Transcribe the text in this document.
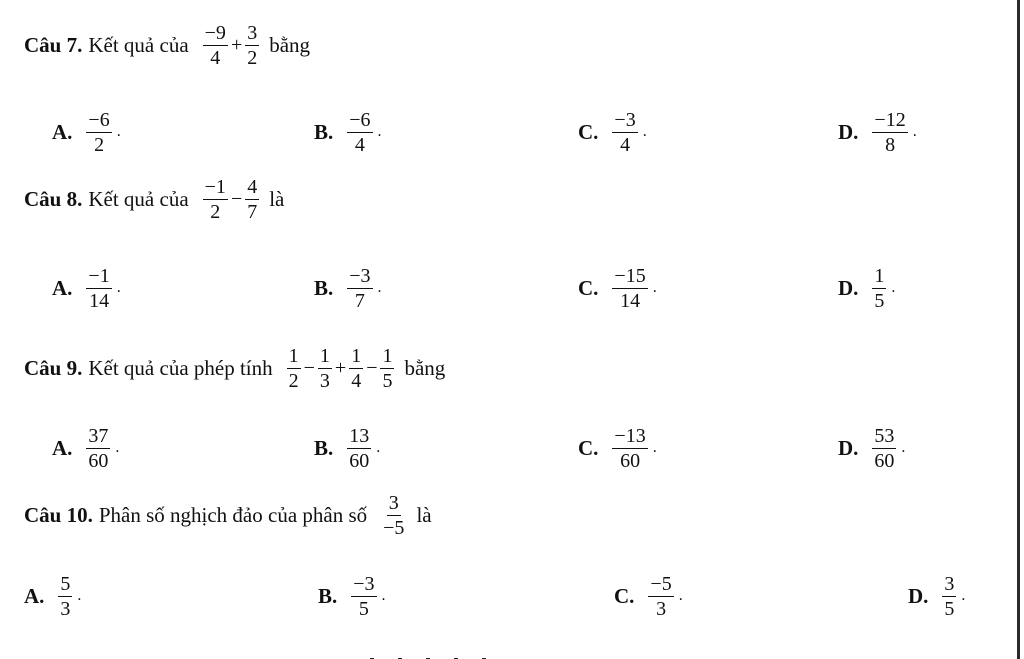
Câu 7. Kết quả của $\frac{-9}{4} + \frac{3}{2}$ bằng
A. $\frac{-6}{2}$ .	B. $\frac{-6}{4}$ .	C. $\frac{-3}{4}$ .	D. $\frac{-12}{8}$ .
Câu 8. Kết quả của $\frac{-1}{2} - \frac{4}{7}$ là
A. $\frac{-1}{14}$ .	B. $\frac{-3}{7}$ .	C. $\frac{-15}{14}$ .	D. $\frac{1}{5}$ .
Câu 9. Kết quả của phép tính $\frac{1}{2} - \frac{1}{3} + \frac{1}{4} - \frac{1}{5}$ bằng
A. $\frac{37}{60}$ .	B. $\frac{13}{60}$ .	C. $\frac{-13}{60}$ .	D. $\frac{53}{60}$ .
Câu 10. Phân số nghịch đảo của phân số $\frac{3}{-5}$ là
A. $\frac{5}{3}$ .	B. $\frac{-3}{5}$ .	C. $\frac{-5}{3}$ .	D. $\frac{3}{5}$ .
